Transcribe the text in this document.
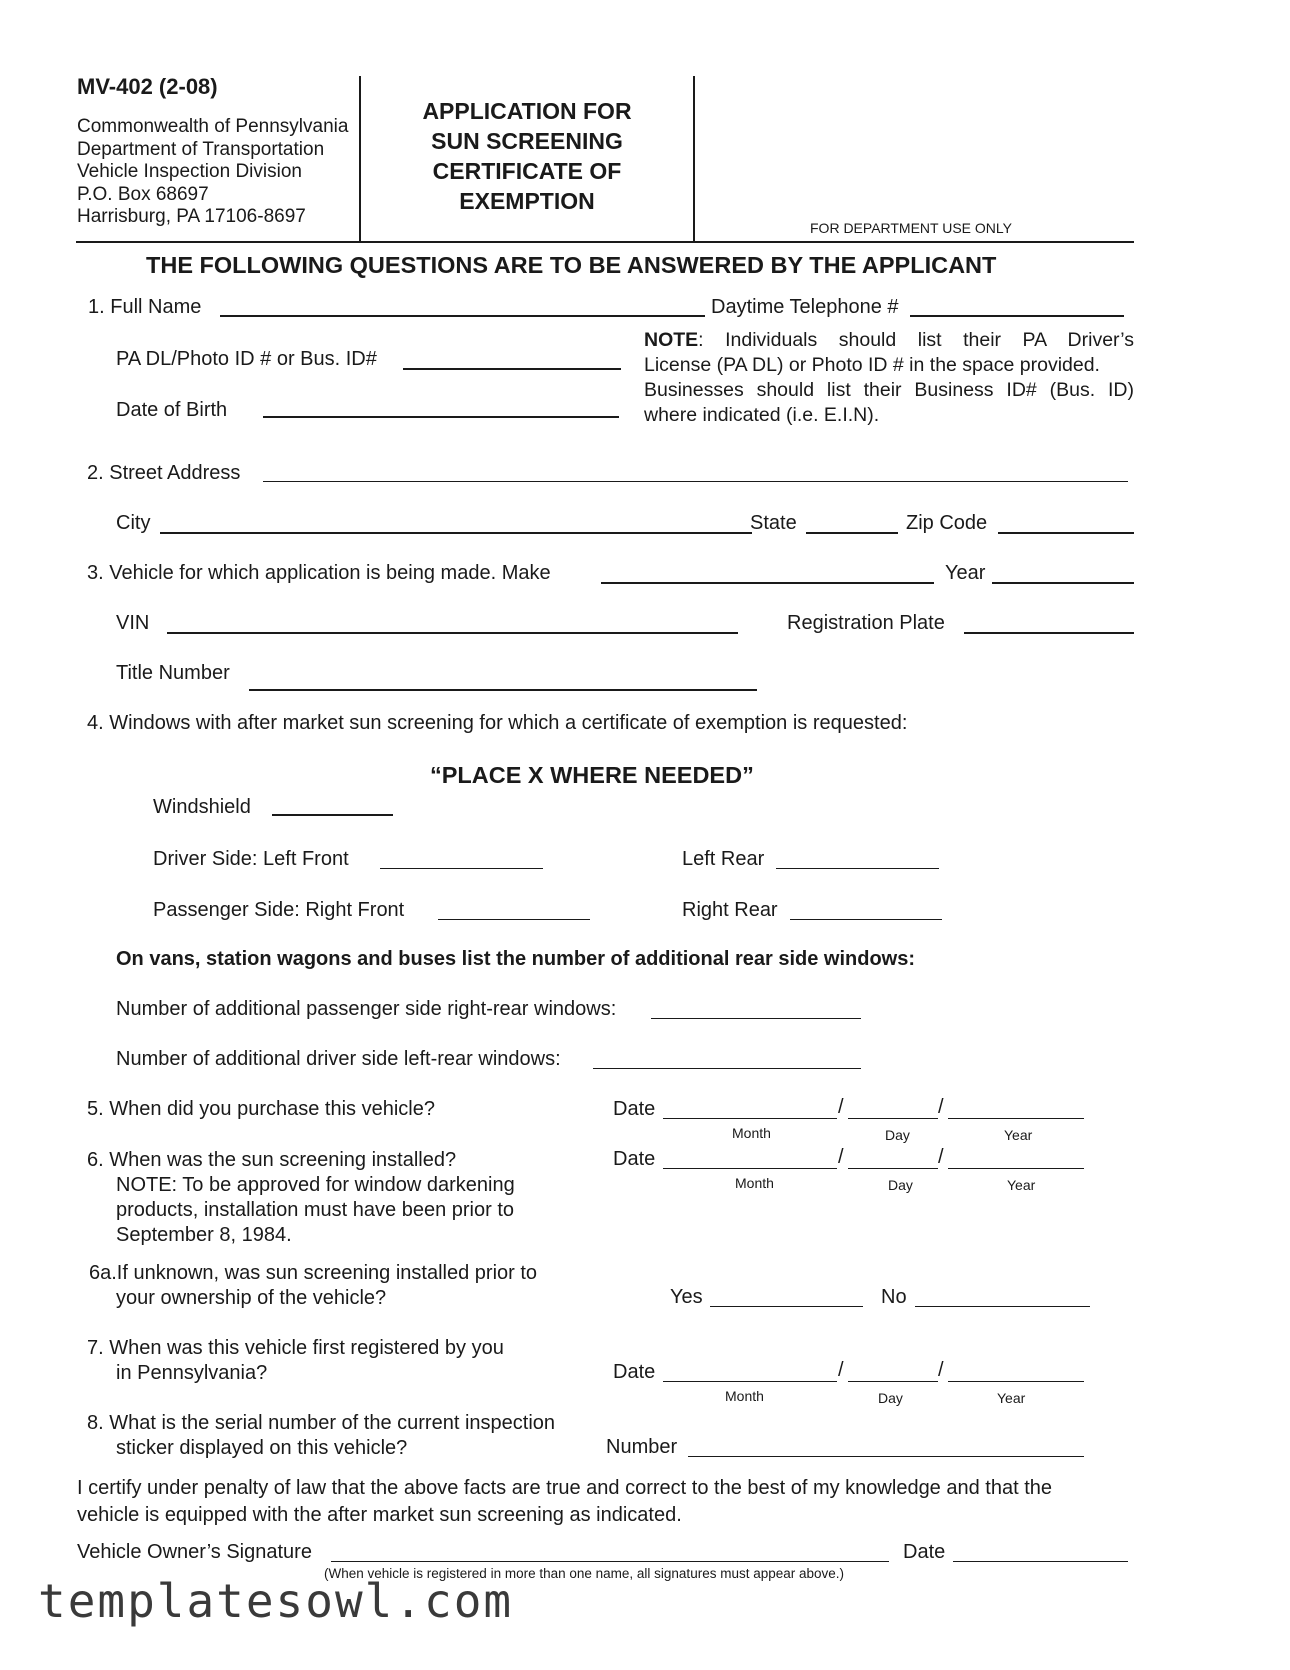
MV-402 (2-08)
Commonwealth of Pennsylvania
Department of Transportation
Vehicle Inspection Division
P.O. Box 68697
Harrisburg, PA 17106-8697
APPLICATION FOR
SUN SCREENING
CERTIFICATE OF
EXEMPTION
FOR DEPARTMENT USE ONLY
THE FOLLOWING QUESTIONS ARE TO BE ANSWERED BY THE APPLICANT
1. Full Name	Daytime Telephone #
PA DL/Photo ID # or Bus. ID#
Date of Birth
NOTE: Individuals should list their PA Driver’s
License (PA DL) or Photo ID # in the space provided.
Businesses should list their Business ID# (Bus. ID)
where indicated (i.e. E.I.N).
2. Street Address
City	State	Zip Code
3. Vehicle for which application is being made. Make	Year
VIN	Registration Plate
Title Number
4. Windows with after market sun screening for which a certificate of exemption is requested:
“PLACE X WHERE NEEDED”
Windshield
Driver Side: Left Front	Left Rear
Passenger Side: Right Front	Right Rear
On vans, station wagons and buses list the number of additional rear side windows:
Number of additional passenger side right-rear windows:
Number of additional driver side left-rear windows:
5. When did you purchase this vehicle?	Date	/	/
Month	Day	Year
6. When was the sun screening installed?
NOTE: To be approved for window darkening
products, installation must have been prior to
September 8, 1984.
Date	/	/
Month	Day	Year
6a.If unknown, was sun screening installed prior to
your ownership of the vehicle?	Yes	No
7. When was this vehicle first registered by you
in Pennsylvania?	Date	/	/
Month	Day	Year
8. What is the serial number of the current inspection
sticker displayed on this vehicle?	Number
I certify under penalty of law that the above facts are true and correct to the best of my knowledge and that the
vehicle is equipped with the after market sun screening as indicated.
Vehicle Owner’s Signature	Date
(When vehicle is registered in more than one name, all signatures must appear above.)
templatesowl.com
